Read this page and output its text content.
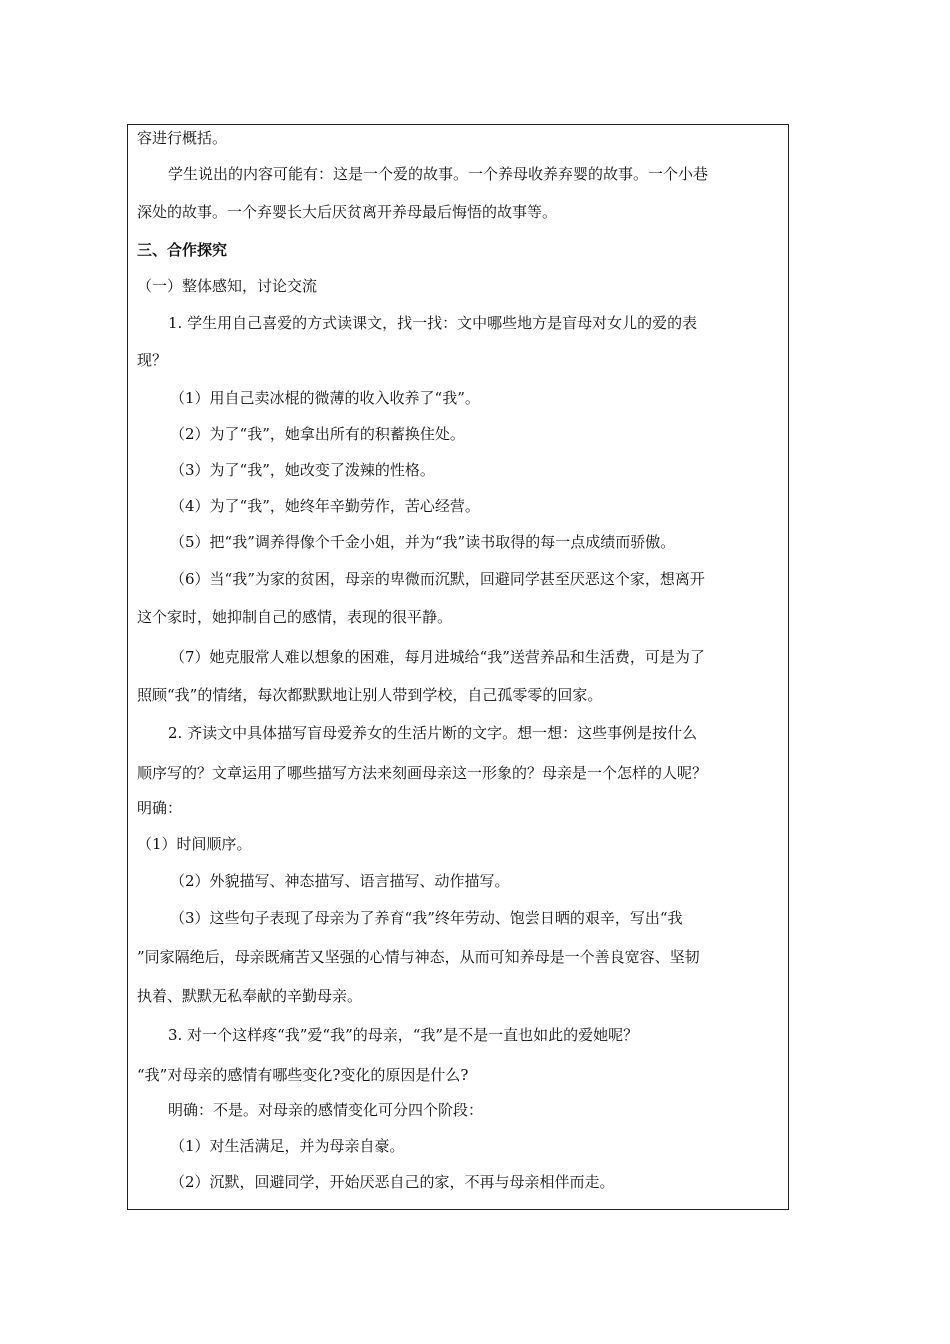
容进行概括。
学生说出的内容可能有：这是一个爱的故事。一个养母收养弃婴的故事。一个小巷
深处的故事。一个弃婴长大后厌贫离开养母最后悔悟的故事等。
三、合作探究
（一）整体感知，讨论交流
1. 学生用自己喜爱的方式读课文，找一找：文中哪些地方是盲母对女儿的爱的表
现？
（1）用自己卖冰棍的微薄的收入收养了“我”。
（2）为了“我”，她拿出所有的积蓄换住处。
（3）为了“我”，她改变了泼辣的性格。
（4）为了“我”，她终年辛勤劳作，苦心经营。
（5）把“我”调养得像个千金小姐，并为“我”读书取得的每一点成绩而骄傲。
（6）当“我”为家的贫困，母亲的卑微而沉默，回避同学甚至厌恶这个家，想离开
这个家时，她抑制自己的感情，表现的很平静。
（7）她克服常人难以想象的困难，每月进城给“我”送营养品和生活费，可是为了
照顾“我”的情绪，每次都默默地让别人带到学校，自己孤零零的回家。
2. 齐读文中具体描写盲母爱养女的生活片断的文字。想一想：这些事例是按什么
顺序写的？文章运用了哪些描写方法来刻画母亲这一形象的？母亲是一个怎样的人呢？
明确：
（1）时间顺序。
（2）外貌描写、神态描写、语言描写、动作描写。
（3）这些句子表现了母亲为了养育“我”终年劳动、饱尝日晒的艰辛，写出“我
”同家隔绝后，母亲既痛苦又坚强的心情与神态，从而可知养母是一个善良宽容、坚韧
执着、默默无私奉献的辛勤母亲。
3. 对一个这样疼“我”爱“我”的母亲，“我”是不是一直也如此的爱她呢？
“我”对母亲的感情有哪些变化?变化的原因是什么?
明确：不是。对母亲的感情变化可分四个阶段：
（1）对生活满足，并为母亲自豪。
（2）沉默，回避同学，开始厌恶自己的家，不再与母亲相伴而走。
